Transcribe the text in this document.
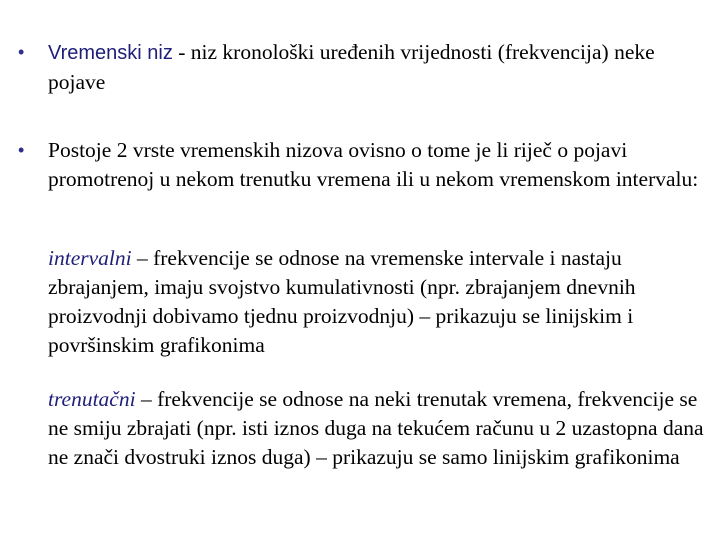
•	Vremenski niz - niz kronološki uređenih vrijednosti (frekvencija) neke pojave
•	Postoje 2 vrste vremenskih nizova ovisno o tome je li riječ o pojavi promotrenoj u nekom trenutku vremena ili u nekom vremenskom intervalu:
intervalni – frekvencije se odnose na vremenske intervale i nastaju zbrajanjem, imaju svojstvo kumulativnosti (npr. zbrajanjem dnevnih proizvodnji dobivamo tjednu proizvodnju) – prikazuju se linijskim i površinskim grafikonima
trenutačni – frekvencije se odnose na neki trenutak vremena, frekvencije se ne smiju zbrajati (npr. isti iznos duga na tekućem računu u 2 uzastopna dana ne znači dvostruki iznos duga) – prikazuju se samo linijskim grafikonima
